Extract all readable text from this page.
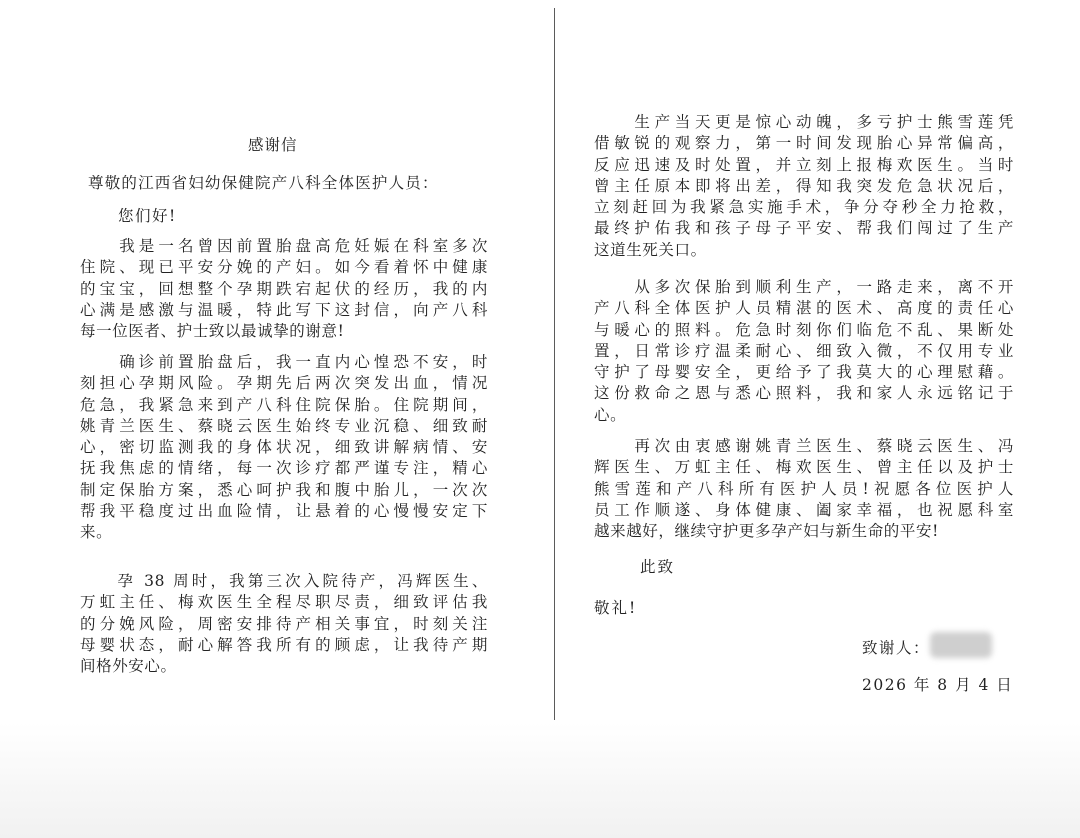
感谢信
尊敬的江西省妇幼保健院产八科全体医护人员：
您们好!
　　我是一名曾因前置胎盘高危妊娠在科室多次
住院、现已平安分娩的产妇。如今看着怀中健康
的宝宝，回想整个孕期跌宕起伏的经历，我的内
心满是感激与温暖，特此写下这封信，向产八科
每一位医者、护士致以最诚挚的谢意!
　　确诊前置胎盘后，我一直内心惶恐不安，时
刻担心孕期风险。孕期先后两次突发出血，情况
危急，我紧急来到产八科住院保胎。住院期间，
姚青兰医生、蔡晓云医生始终专业沉稳、细致耐
心，密切监测我的身体状况，细致讲解病情、安
抚我焦虑的情绪，每一次诊疗都严谨专注，精心
制定保胎方案，悉心呵护我和腹中胎儿，一次次
帮我平稳度过出血险情，让悬着的心慢慢安定下
来。
　　孕 38 周时，我第三次入院待产，冯辉医生、
万虹主任、梅欢医生全程尽职尽责，细致评估我
的分娩风险，周密安排待产相关事宜，时刻关注
母婴状态，耐心解答我所有的顾虑，让我待产期
间格外安心。
　　生产当天更是惊心动魄，多亏护士熊雪莲凭
借敏锐的观察力，第一时间发现胎心异常偏高，
反应迅速及时处置，并立刻上报梅欢医生。当时
曾主任原本即将出差，得知我突发危急状况后，
立刻赶回为我紧急实施手术，争分夺秒全力抢救，
最终护佑我和孩子母子平安、帮我们闯过了生产
这道生死关口。
　　从多次保胎到顺利生产，一路走来，离不开
产八科全体医护人员精湛的医术、高度的责任心
与暖心的照料。危急时刻你们临危不乱、果断处
置，日常诊疗温柔耐心、细致入微，不仅用专业
守护了母婴安全，更给予了我莫大的心理慰藉。
这份救命之恩与悉心照料，我和家人永远铭记于
心。
　　再次由衷感谢姚青兰医生、蔡晓云医生、冯
辉医生、万虹主任、梅欢医生、曾主任以及护士
熊雪莲和产八科所有医护人员!祝愿各位医护人
员工作顺遂、身体健康、阖家幸福，也祝愿科室
越来越好，继续守护更多孕产妇与新生命的平安!
此致
敬礼!
致谢人：
2026 年 8 月 4 日
